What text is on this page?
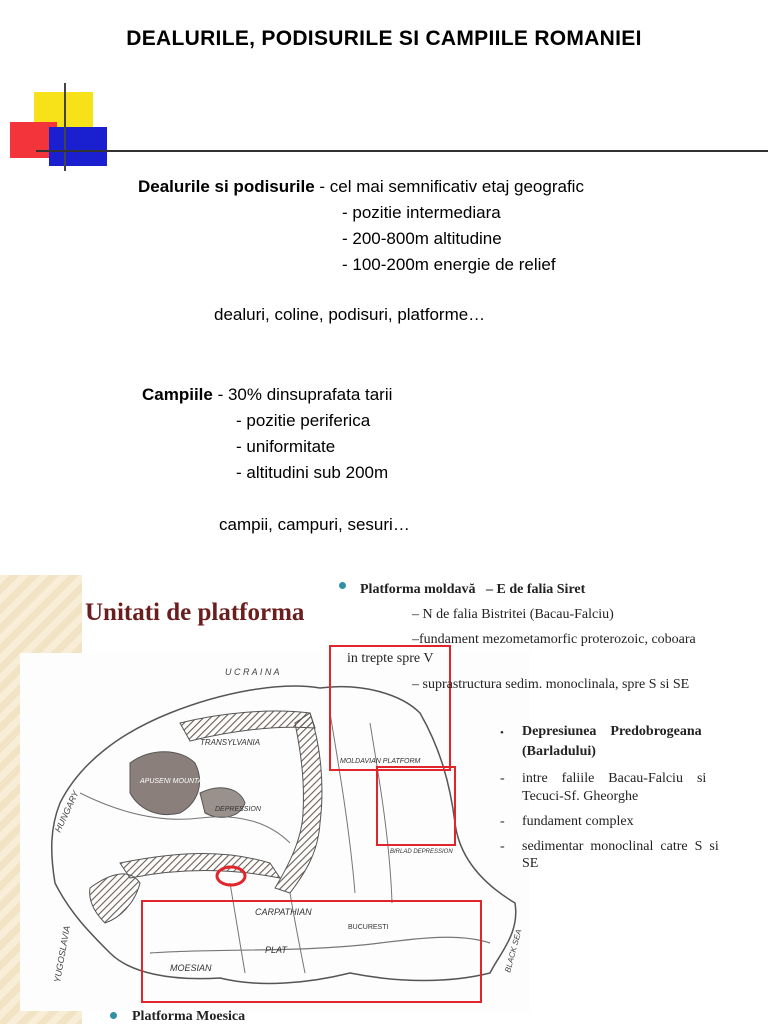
DEALURILE, PODISURILE SI CAMPIILE ROMANIEI
Dealurile si podisurile - cel mai semnificativ etaj geografic
- pozitie intermediara
- 200-800m altitudine
- 100-200m energie de relief
dealuri, coline, podisuri, platforme…
Campiile - 30% dinsuprafata tarii
- pozitie periferica
- uniformitate
- altitudini sub 200m
campii, campuri, sesuri…
Unitati de platforma
U C R A I N A
HUNGARY
TRANSYLVANIA
APUSENI MOUNTAINS
DEPRESSION
MOLDAVIAN PLATFORM
CARPATHIAN
PLAT
BUCURESTI
MOESIAN
BIRLAD DEPRESSION
YUGOSLAVIA	BLACK SEA
Platforma moldavă – E de falia Siret
– N de falia Bistritei (Bacau-Falciu)
–fundament mezometamorfic proterozoic, coboara
in trepte spre V
– suprastructura sedim. monoclinala, spre S si SE
• Depresiunea    Predobrogeana
(Barladului)
- intre    faliile    Bacau-Falciu    si
Tecuci-Sf. Gheorghe
- fundament complex
- sedimentar  monoclinal  catre  S  si
SE
Platforma Moesica
